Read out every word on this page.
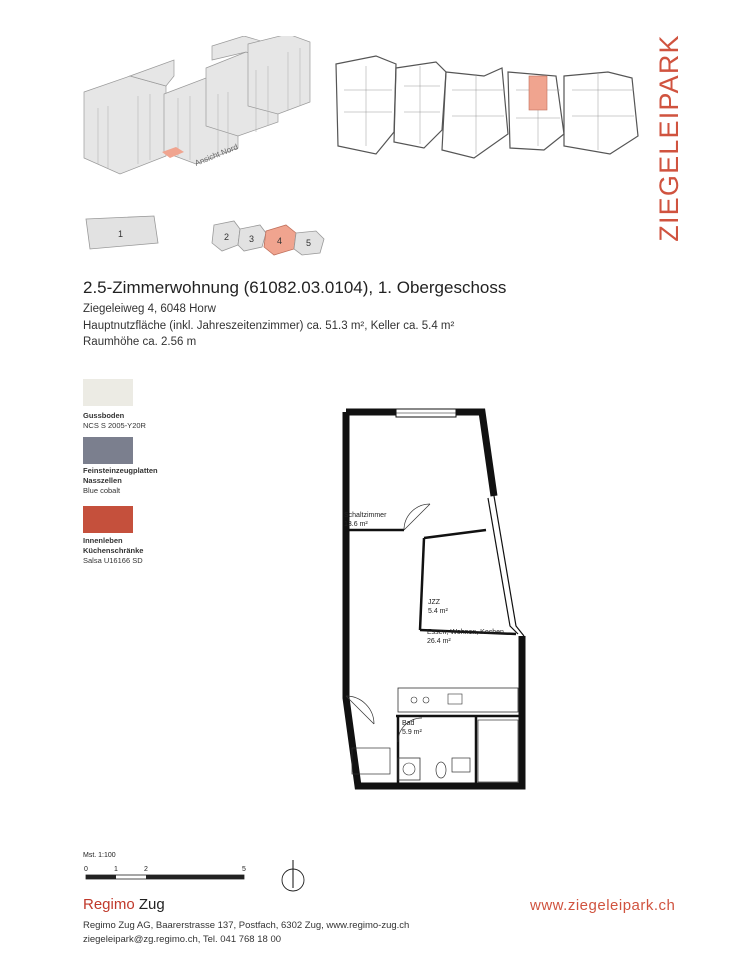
ZIEGELEIPARK
Ansicht Nord
1	2 3	4	5
2.5-Zimmerwohnung (61082.03.0104), 1. Obergeschoss
Ziegeleiweg 4, 6048 Horw
Hauptnutzfläche (inkl. Jahreszeitenzimmer) ca. 51.3 m², Keller ca. 5.4 m²
Raumhöhe ca. 2.56 m
Gussboden
NCS S 2005-Y20R
Feinsteinzeugplatten
Nasszellen
Blue cobalt
Innenleben
Küchenschränke
Salsa U16166 SD
Schaltzimmer
13.6 m²
JZZ
5.4 m²
Essen, Wohnen, Kochen
26.4 m²
Bad
5.9 m²
Mst. 1:100
0	1	2	5
Regimo Zug
Regimo Zug AG, Baarerstrasse 137, Postfach, 6302 Zug, www.regimo-zug.ch
ziegeleipark@zg.regimo.ch, Tel. 041 768 18 00
www.ziegeleipark.ch
